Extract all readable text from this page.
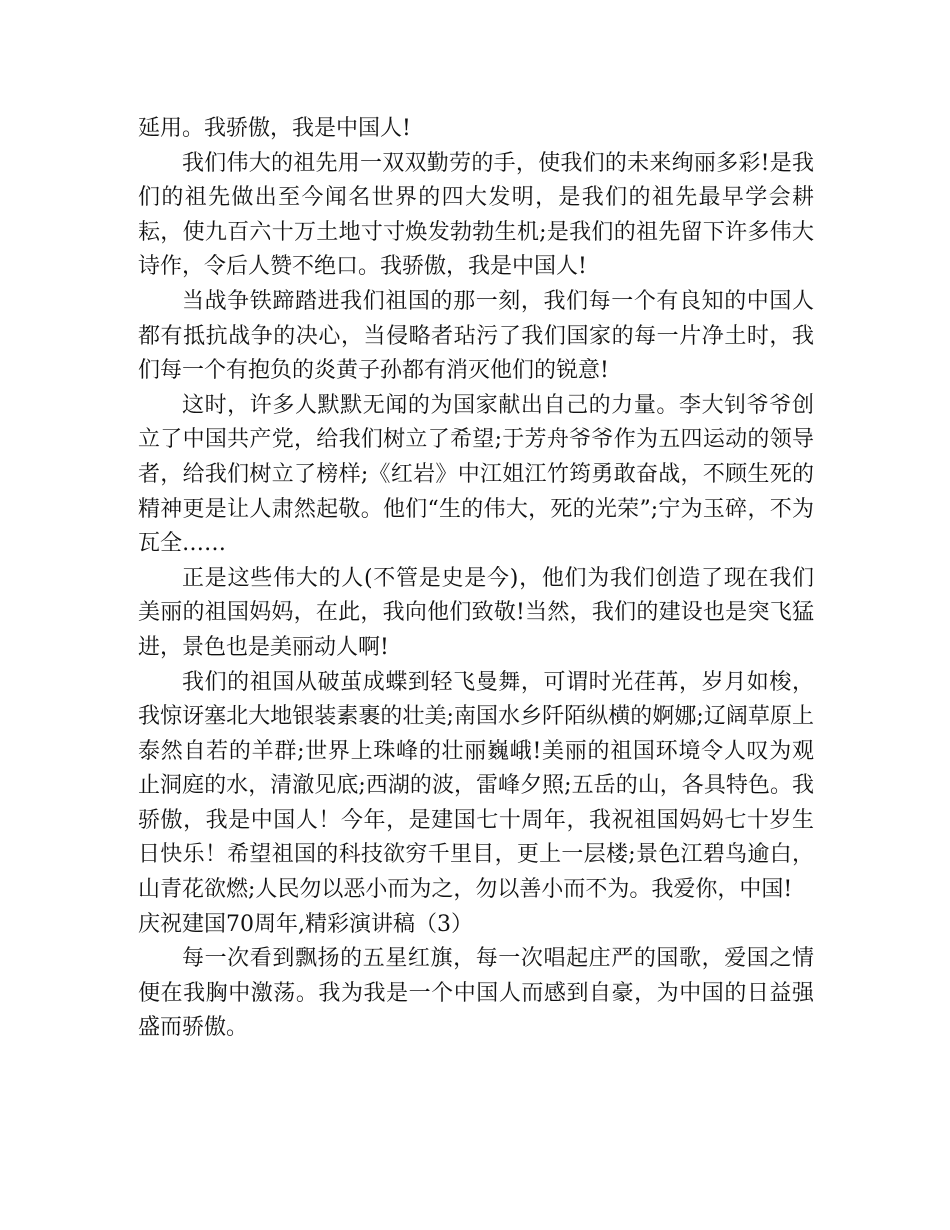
延用。我骄傲，我是中国人!

我们伟大的祖先用一双双勤劳的手，使我们的未来绚丽多彩!是我们的祖先做出至今闻名世界的四大发明，是我们的祖先最早学会耕耘，使九百六十万土地寸寸焕发勃勃生机;是我们的祖先留下许多伟大诗作，令后人赞不绝口。我骄傲，我是中国人!

当战争铁蹄踏进我们祖国的那一刻，我们每一个有良知的中国人都有抵抗战争的决心，当侵略者玷污了我们国家的每一片净土时，我们每一个有抱负的炎黄子孙都有消灭他们的锐意!

这时，许多人默默无闻的为国家献出自己的力量。李大钊爷爷创立了中国共产党，给我们树立了希望;于芳舟爷爷作为五四运动的领导者，给我们树立了榜样;《红岩》中江姐江竹筠勇敢奋战，不顾生死的精神更是让人肃然起敬。他们“生的伟大，死的光荣”;宁为玉碎，不为瓦全……

正是这些伟大的人(不管是史是今)，他们为我们创造了现在我们美丽的祖国妈妈，在此，我向他们致敬!当然，我们的建设也是突飞猛进，景色也是美丽动人啊!

我们的祖国从破茧成蝶到轻飞曼舞，可谓时光荏苒，岁月如梭，我惊讶塞北大地银装素裹的壮美;南国水乡阡陌纵横的婀娜;辽阔草原上泰然自若的羊群;世界上珠峰的壮丽巍峨!美丽的祖国环境令人叹为观止洞庭的水，清澈见底;西湖的波，雷峰夕照;五岳的山，各具特色。我骄傲，我是中国人！今年，是建国七十周年，我祝祖国妈妈七十岁生日快乐！希望祖国的科技欲穷千里目，更上一层楼;景色江碧鸟逾白，山青花欲燃;人民勿以恶小而为之，勿以善小而不为。我爱你，中国!

庆祝建国70周年,精彩演讲稿（3）

每一次看到飘扬的五星红旗，每一次唱起庄严的国歌，爱国之情便在我胸中激荡。我为我是一个中国人而感到自豪，为中国的日益强盛而骄傲。
